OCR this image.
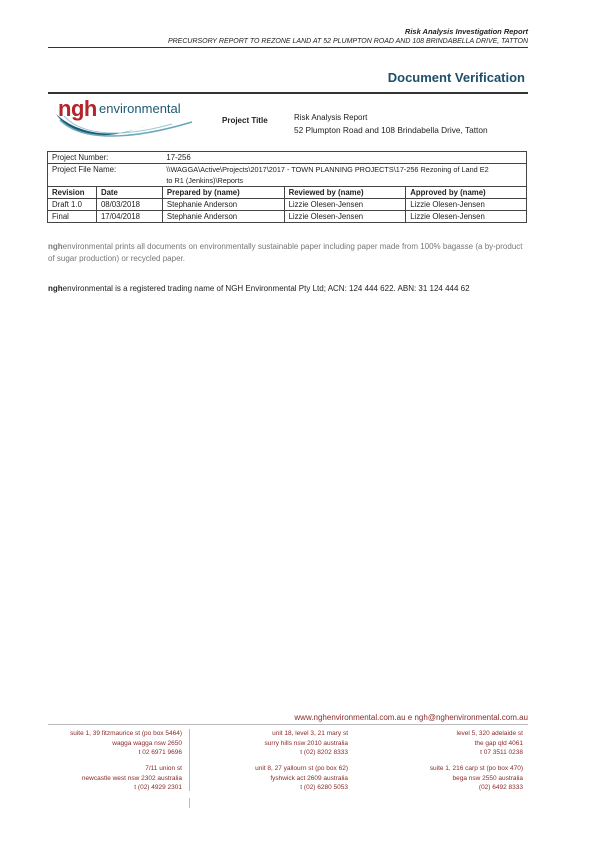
Risk Analysis Investigation Report
PRECURSORY REPORT TO REZONE LAND AT 52 PLUMPTON ROAD AND 108 BRINDABELLA DRIVE, TATTON
Document Verification
ngh environmental
Project Title	Risk Analysis Report
52 Plumpton Road and 108 Brindabella Drive, Tatton
Project Number:		17-256		
Project File Name:		\\WAGGA\Active\Projects\2017\2017 - TOWN PLANNING PROJECTS\17-256 Rezoning of Land E2
to R1 (Jenkins)\Reports		

Revision	Date	Prepared by (name)	Reviewed by (name)	Approved by (name)
Draft 1.0	08/03/2018	Stephanie Anderson	Lizzie Olesen-Jensen	Lizzie Olesen-Jensen
Final	17/04/2018	Stephanie Anderson	Lizzie Olesen-Jensen	Lizzie Olesen-Jensen
nghenvironmental prints all documents on environmentally sustainable paper including paper made from 100% bagasse (a by-product of sugar production) or recycled paper.
nghenvironmental is a registered trading name of NGH Environmental Pty Ltd; ACN: 124 444 622. ABN: 31 124 444 62
www.nghenvironmental.com.au e ngh@nghenvironmental.com.au
suite 1, 39 fitzmaurice st (po box 5464)
wagga wagga nsw 2650
t 02 6971 9696
unit 18, level 3, 21 mary st
surry hills nsw 2010 australia
t (02) 8202 8333
level 5, 320 adelaide st
the gap qld 4061
t 07 3511 0238
7/11 union st
newcastle west nsw 2302 australia
t (02) 4929 2301
unit 8, 27 yallourn st (po box 62)
fyshwick act 2609 australia
t (02) 6280 5053
suite 1, 216 carp st (po box 470)
bega nsw 2550 australia
(02) 6492 8333
